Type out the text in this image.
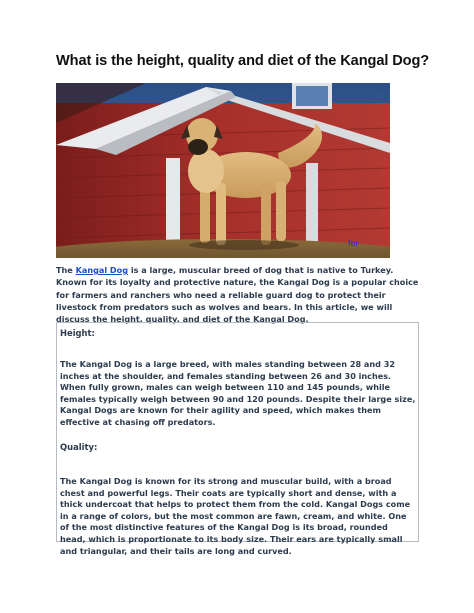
What is the height, quality and diet of the Kangal Dog?
for

The Kangal Dog is a large, muscular breed of dog that is native to Turkey. Known for its loyalty and protective nature, the Kangal Dog is a popular choice for farmers and ranchers who need a reliable guard dog to protect their livestock from predators such as wolves and bears. In this article, we will discuss the height, quality, and diet of the Kangal Dog.

Height:

The Kangal Dog is a large breed, with males standing between 28 and 32 inches at the shoulder, and females standing between 26 and 30 inches. When fully grown, males can weigh between 110 and 145 pounds, while females typically weigh between 90 and 120 pounds. Despite their large size, Kangal Dogs are known for their agility and speed, which makes them effective at chasing off predators.

Quality:

The Kangal Dog is known for its strong and muscular build, with a broad chest and powerful legs. Their coats are typically short and dense, with a thick undercoat that helps to protect them from the cold. Kangal Dogs come in a range of colors, but the most common are fawn, cream, and white. One of the most distinctive features of the Kangal Dog is its broad, rounded head, which is proportionate to its body size. Their ears are typically small and triangular, and their tails are long and curved.
